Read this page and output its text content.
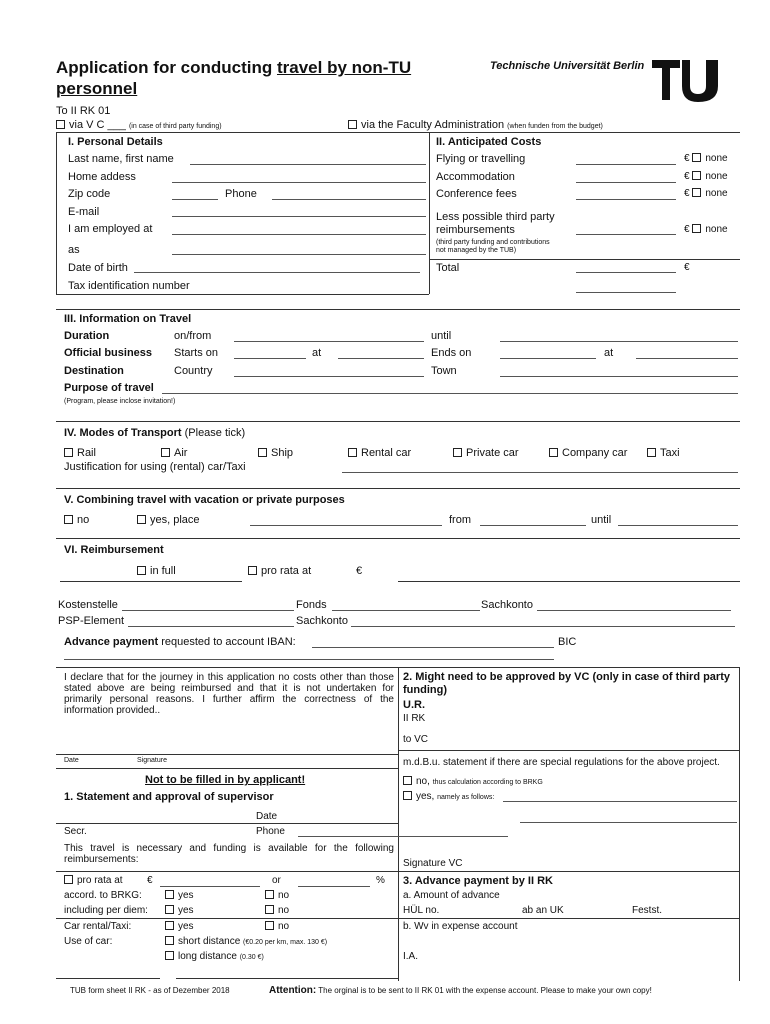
Application for conducting travel by non-TU
personnel
Technische Universität Berlin	berlin
To II RK 01
via V C ___ (in case of third party funding)	via the Faculty Administration (when funden from the budget)
I. Personal Details
Last name, first name
Home addess
Zip code	Phone
E-mail
I am employed at
as
Date of birth
Tax identification number
II. Anticipated Costs
Flying or travelling	€ none
Accommodation	€ none
Conference fees	€ none
Less possible third party
reimbursements	€ none
(third party funding and contributions
not managed by the TUB)
Total	€
III. Information on Travel
Duration	on/from	until
Official business Starts on	at	Ends on	at
Destination	Country	Town
Purpose of travel
(Program, please inclose invitation!)
IV. Modes of Transport (Please tick)
Rail	Air	Ship	Rental car	Private car	Company car	Taxi
Justification for using (rental) car/Taxi
V. Combining travel with vacation or private purposes
no	yes, place	from	until
VI. Reimbursement
in full	pro rata at	€
Kostenstelle	Fonds	Sachkonto
PSP-Element	Sachkonto
Advance payment requested to account IBAN:	BIC
I declare that for the journey in this application no costs other than those stated above are being reimbursed and that it is not undertaken for primarily personal reasons. I further affirm the correctness of the information provided..
Date	Signature
2. Might need to be approved by VC (only in case of third party funding)
U.R.
II RK
to VC
m.d.B.u. statement if there are special regulations for the above project.
no, thus calculation according to BRKG
yes, namely as follows:
Signature VC
Not to be filled in by applicant!
1. Statement and approval of supervisor
Date
Secr.	Phone
This travel is necessary and funding is available for the following reimbursements:
pro rata at €	or	%
accord. to BRKG:	yes	no
including per diem:	yes	no
Car rental/Taxi:	yes	no
Use of car:	short distance (€0.20 per km, max. 130 €)
long distance (0.30 €)
3. Advance payment by II RK
a. Amount of advance
HÜL no.	ab an UK	Festst.
b. Wv in expense account
I.A.
TUB form sheet II RK - as of Dezember 2018	Attention: The orginal is to be sent to II RK 01 with the expense account. Please to make your own copy!
